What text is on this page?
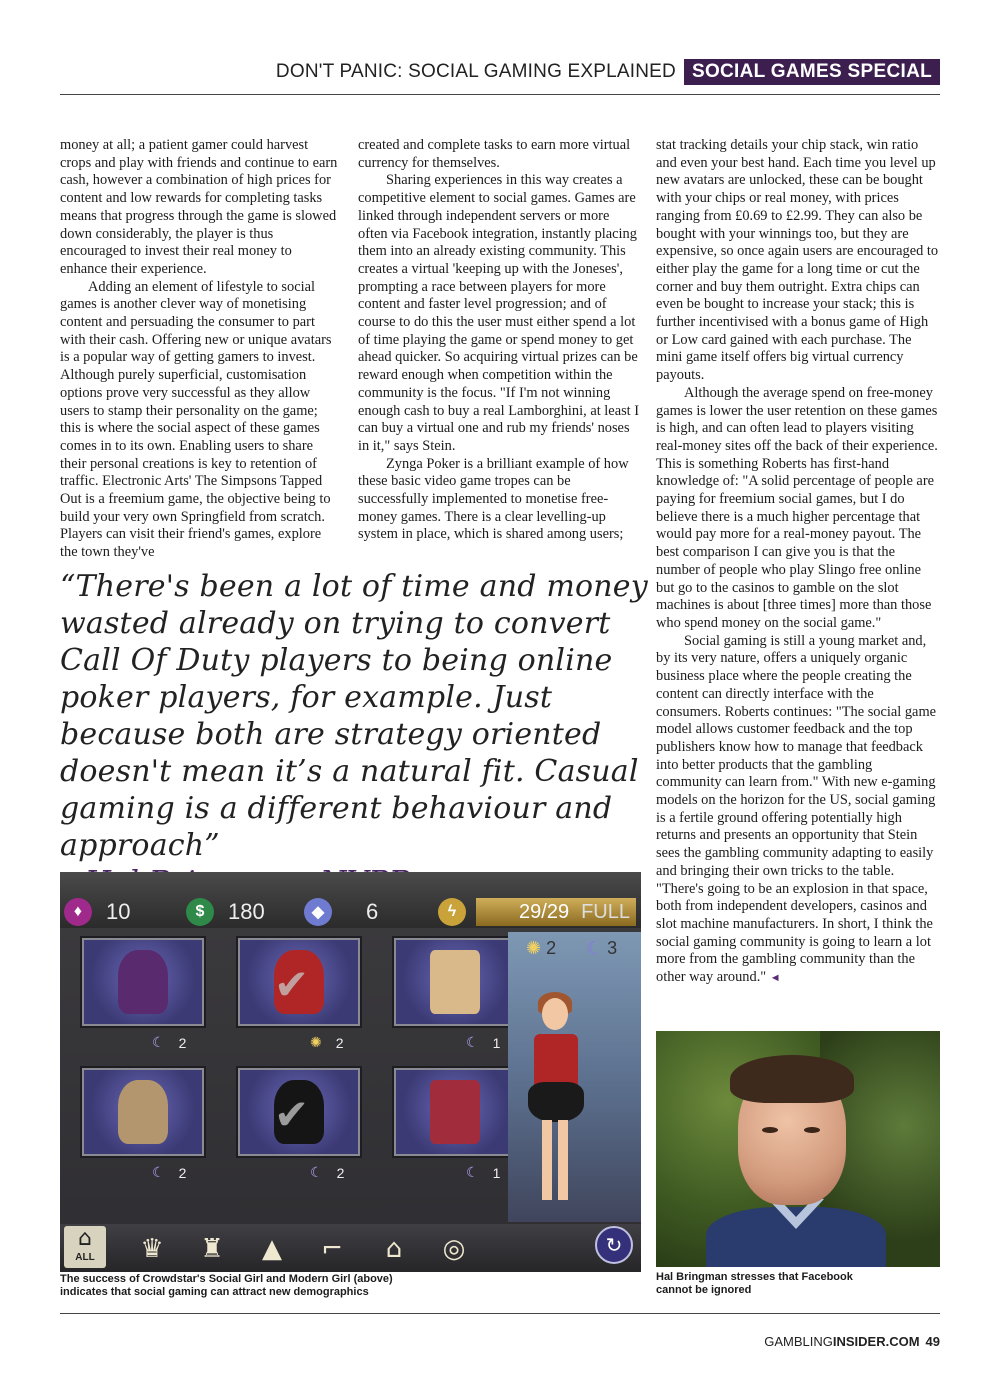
DON'T PANIC: SOCIAL GAMING EXPLAINED SOCIAL GAMES SPECIAL

money at all; a patient gamer could harvest crops and play with friends and continue to earn cash, however a combination of high prices for content and low rewards for completing tasks means that progress through the game is slowed down considerably, the player is thus encouraged to invest their real money to enhance their experience.

Adding an element of lifestyle to social games is another clever way of monetising content and persuading the consumer to part with their cash. Offering new or unique avatars is a popular way of getting gamers to invest. Although purely superficial, customisation options prove very successful as they allow users to stamp their personality on the game; this is where the social aspect of these games comes in to its own. Enabling users to share their personal creations is key to retention of traffic. Electronic Arts' The Simpsons Tapped Out is a freemium game, the objective being to build your very own Springfield from scratch. Players can visit their friend's games, explore the town they've

created and complete tasks to earn more virtual currency for themselves.

Sharing experiences in this way creates a competitive element to social games. Games are linked through independent servers or more often via Facebook integration, instantly placing them into an already existing community. This creates a virtual 'keeping up with the Joneses', prompting a race between players for more content and faster level progression; and of course to do this the user must either spend a lot of time playing the game or spend money to get ahead quicker. So acquiring virtual prizes can be reward enough when competition within the community is the focus. "If I'm not winning enough cash to buy a real Lamborghini, at least I can buy a virtual one and rub my friends' noses in it," says Stein.

Zynga Poker is a brilliant example of how these basic video game tropes can be successfully implemented to monetise free-money games. There is a clear levelling-up system in place, which is shared among users;

stat tracking details your chip stack, win ratio and even your best hand. Each time you level up new avatars are unlocked, these can be bought with your chips or real money, with prices ranging from £0.69 to £2.99. They can also be bought with your winnings too, but they are expensive, so once again users are encouraged to either play the game for a long time or cut the corner and buy them outright. Extra chips can even be bought to increase your stack; this is further incentivised with a bonus game of High or Low card gained with each purchase. The mini game itself offers big virtual currency payouts.

Although the average spend on free-money games is lower the user retention on these games is high, and can often lead to players visiting real-money sites off the back of their experience. This is something Roberts has first-hand knowledge of: "A solid percentage of people are paying for freemium social games, but I do believe there is a much higher percentage that would pay more for a real-money payout. The best comparison I can give you is that the number of people who play Slingo free online but go to the casinos to gamble on the slot machines is about [three times] more than those who spend money on the social game."

Social gaming is still a young market and, by its very nature, offers a uniquely organic business place where the people creating the content can directly interface with the consumers. Roberts continues: "The social game model allows customer feedback and the top publishers know how to manage that feedback into better products that the gambling community can learn from." With new e-gaming models on the horizon for the US, social gaming is a fertile ground offering potentially high returns and presents an opportunity that Stein sees the gambling community adapting to easily and bringing their own tricks to the table. "There's going to be an explosion in that space, both from independent developers, casinos and slot machine manufacturers. In short, I think the social gaming community is going to learn a lot more from the gambling community than the other way around." ◄

“There's been a lot of time and money wasted already on trying to convert Call Of Duty players to being online poker players, for example. Just because both are strategy oriented doesn't mean it’s a natural fit. Casual gaming is a different behaviour and approach”

♦	10	$	180	◆	6	ϟ	29/29 FULL
✔
☾ 2	✺ 2	☾ 1
✔
☾ 2	☾ 2	☾ 1
✺ 2 ☾ 3
⌂
ALL	♛ ♜	▲	⌐	⌂	◎	↻
The success of Crowdstar's Social Girl and Modern Girl (above) indicates that social gaming can attract new demographics
Hal Bringman stresses that Facebook cannot be ignored
GAMBLINGINSIDER.COM 49
